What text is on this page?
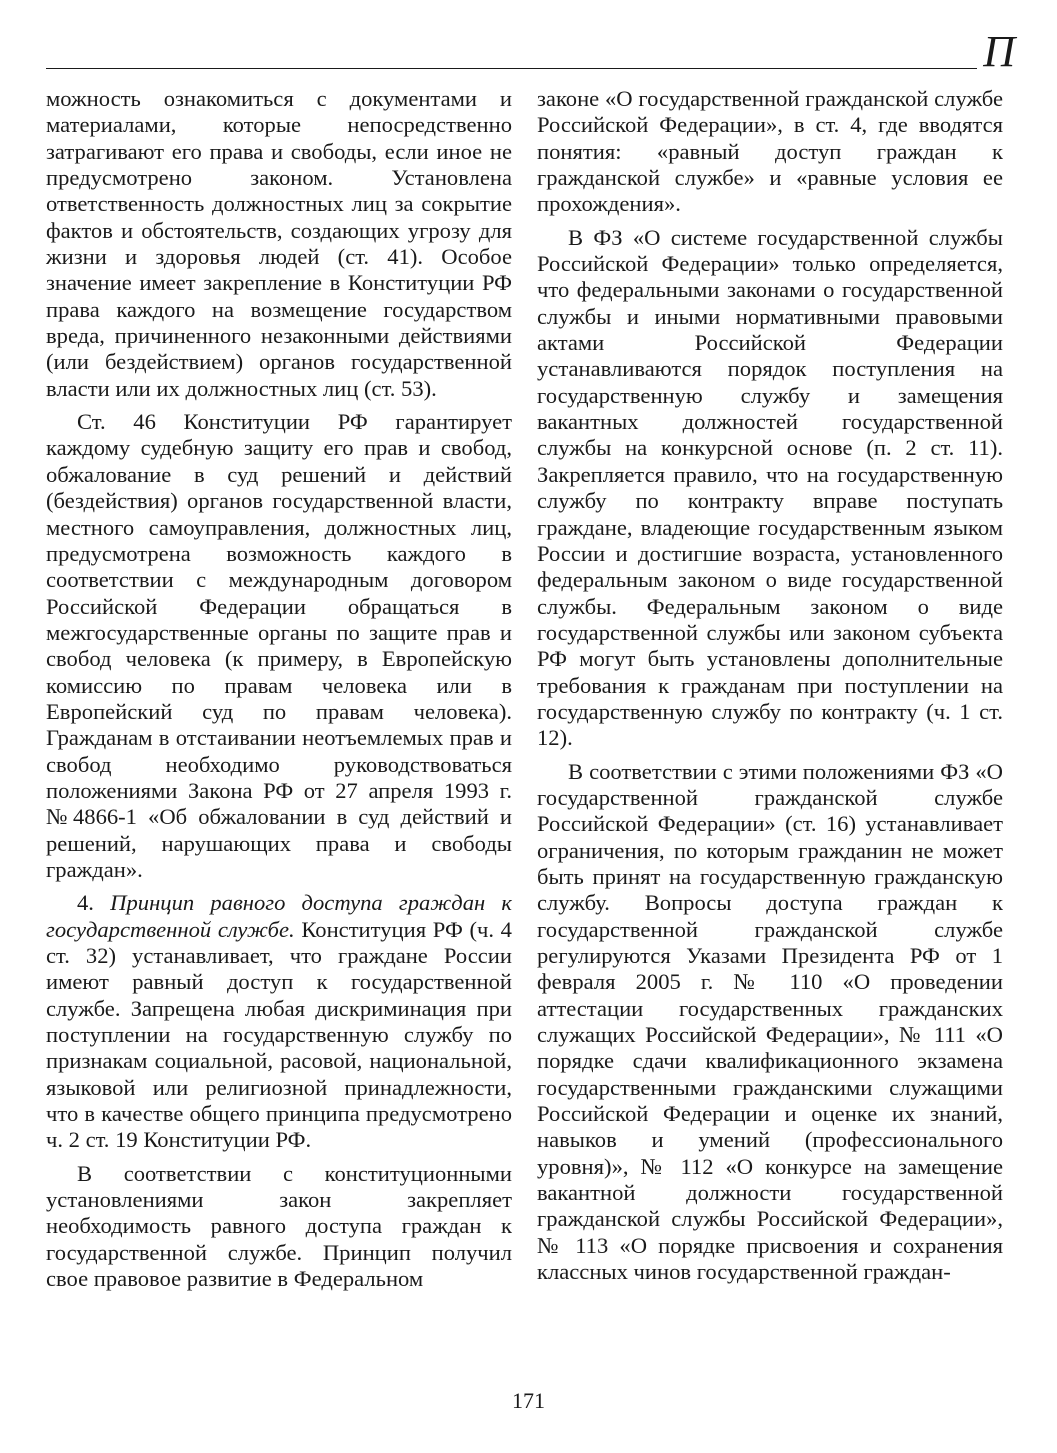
П

можность ознакомиться с документами и материалами, которые непосредственно затрагивают его права и свободы, если иное не предусмотрено законом. Установлена ответственность должностных лиц за сокрытие фактов и обстоятельств, создающих угрозу для жизни и здоровья людей (ст. 41). Особое значение имеет закрепление в Конституции РФ права каждого на возмещение государством вреда, причиненного незаконными действиями (или бездействием) органов государственной власти или их должностных лиц (ст. 53).

Ст. 46 Конституции РФ гарантирует каждому судебную защиту его прав и свобод, обжалование в суд решений и действий (бездействия) органов государственной власти, местного самоуправления, должностных лиц, предусмотрена возможность каждого в соответствии с международным договором Российской Федерации обращаться в межгосударственные органы по защите прав и свобод человека (к примеру, в Европейскую комиссию по правам человека или в Европейский суд по правам человека). Гражданам в отстаивании неотъемлемых прав и свобод необходимо руководствоваться положениями Закона РФ от 27 апреля 1993 г. №4866-1 «Об обжаловании в суд действий и решений, нарушающих права и свободы граждан».

4. Принцип равного доступа граждан к государственной службе. Конституция РФ (ч. 4 ст. 32) устанавливает, что граждане России имеют равный доступ к государственной службе. Запрещена любая дискриминация при поступлении на государственную службу по признакам социальной, расовой, национальной, языковой или религиозной принадлежности, что в качестве общего принципа предусмотрено ч. 2 ст. 19 Конституции РФ.

В соответствии с конституционными установлениями закон закрепляет необходимость равного доступа граждан к государственной службе. Принцип получил свое правовое развитие в Федеральном

законе «О государственной гражданской службе Российской Федерации», в ст. 4, где вводятся понятия: «равный доступ граждан к гражданской службе» и «равные условия ее прохождения».

В ФЗ «О системе государственной службы Российской Федерации» только определяется, что федеральными законами о государственной службы и иными нормативными правовыми актами Российской Федерации устанавливаются порядок поступления на государственную службу и замещения вакантных должностей государственной службы на конкурсной основе (п. 2 ст. 11). Закрепляется правило, что на государственную службу по контракту вправе поступать граждане, владеющие государственным языком России и достигшие возраста, установленного федеральным законом о виде государственной службы. Федеральным законом о виде государственной службы или законом субъекта РФ могут быть установлены дополнительные требования к гражданам при поступлении на государственную службу по контракту (ч. 1 ст. 12).

В соответствии с этими положениями ФЗ «О государственной гражданской службе Российской Федерации» (ст. 16) устанавливает ограничения, по которым гражданин не может быть принят на государственную гражданскую службу. Вопросы доступа граждан к государственной гражданской службе регулируются Указами Президента РФ от 1 февраля 2005 г. № 110 «О проведении аттестации государственных гражданских служащих Российской Федерации», № 111 «О порядке сдачи квалификационного экзамена государственными гражданскими служащими Российской Федерации и оценке их знаний, навыков и умений (профессионального уровня)», № 112 «О конкурсе на замещение вакантной должности государственной гражданской службы Российской Федерации», № 113 «О порядке присвоения и сохранения классных чинов государственной граждан-

171
